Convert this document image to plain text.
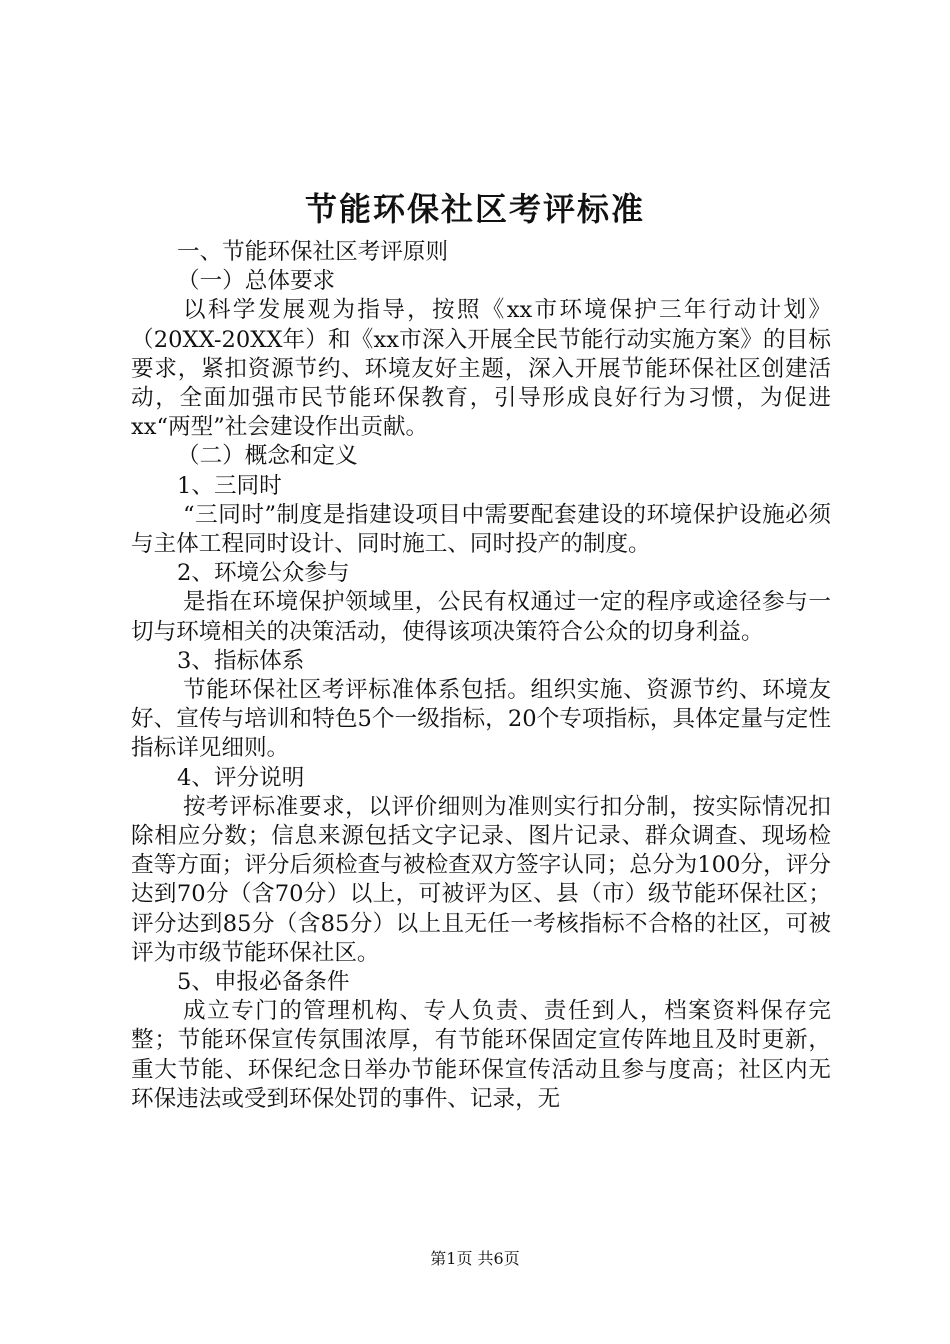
节能环保社区考评标准

一、节能环保社区考评原则

（一）总体要求

以科学发展观为指导，按照《xx市环境保护三年行动计划》（20XX-20XX年）和《xx市深入开展全民节能行动实施方案》的目标要求，紧扣资源节约、环境友好主题，深入开展节能环保社区创建活动，全面加强市民节能环保教育，引导形成良好行为习惯，为促进xx“两型”社会建设作出贡献。

（二）概念和定义

1、三同时

“三同时”制度是指建设项目中需要配套建设的环境保护设施必须与主体工程同时设计、同时施工、同时投产的制度。

2、环境公众参与

是指在环境保护领域里，公民有权通过一定的程序或途径参与一切与环境相关的决策活动，使得该项决策符合公众的切身利益。

3、指标体系

节能环保社区考评标准体系包括。组织实施、资源节约、环境友好、宣传与培训和特色5个一级指标，20个专项指标，具体定量与定性指标详见细则。

4、评分说明

按考评标准要求，以评价细则为准则实行扣分制，按实际情况扣除相应分数；信息来源包括文字记录、图片记录、群众调查、现场检查等方面；评分后须检查与被检查双方签字认同；总分为100分，评分达到70分（含70分）以上，可被评为区、县（市）级节能环保社区；评分达到85分（含85分）以上且无任一考核指标不合格的社区，可被评为市级节能环保社区。

5、申报必备条件

成立专门的管理机构、专人负责、责任到人，档案资料保存完整；节能环保宣传氛围浓厚，有节能环保固定宣传阵地且及时更新，重大节能、环保纪念日举办节能环保宣传活动且参与度高；社区内无环保违法或受到环保处罚的事件、记录，无

第1页 共6页
